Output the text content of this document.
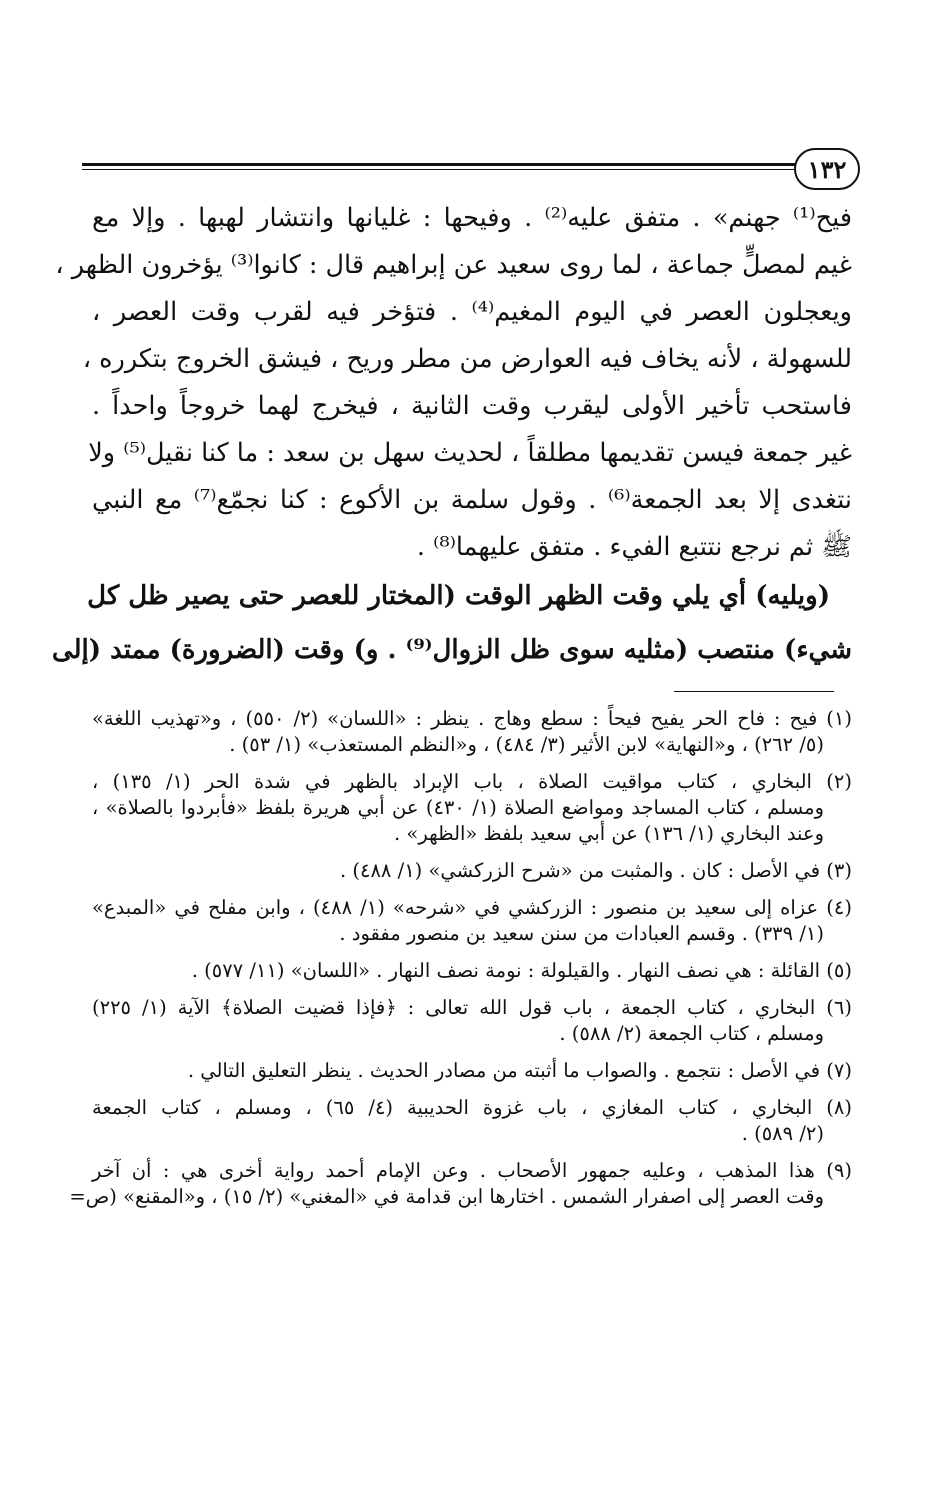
١٣٢
فيح⁽¹⁾ جهنم» . متفق عليه⁽²⁾ . وفيحها : غليانها وانتشار لهبها . وإلا مع
غيم لمصلٍّ جماعة ، لما روى سعيد عن إبراهيم قال : كانوا⁽³⁾ يؤخرون الظهر ،
ويعجلون العصر في اليوم المغيم⁽⁴⁾ . فتؤخر فيه لقرب وقت العصر ،
للسهولة ، لأنه يخاف فيه العوارض من مطر وريح ، فيشق الخروج بتكرره ،
فاستحب تأخير الأولى ليقرب وقت الثانية ، فيخرج لهما خروجاً واحداً .
غير جمعة فيسن تقديمها مطلقاً ، لحديث سهل بن سعد : ما كنا نقيل⁽⁵⁾ ولا
نتغدى إلا بعد الجمعة⁽⁶⁾ . وقول سلمة بن الأكوع : كنا نجمّع⁽⁷⁾ مع النبي
ﷺ ثم نرجع نتتبع الفيء . متفق عليهما⁽⁸⁾ .
(ويليه) أي يلي وقت الظهر الوقت (المختار للعصر حتى يصير ظل كل
شيء) منتصب (مثليه سوى ظل الزوال⁽⁹⁾ . و) وقت (الضرورة) ممتد (إلى
(١) فيح : فاح الحر يفيح فيحاً : سطع وهاج . ينظر : «اللسان» (٢/ ٥٥٠) ، و«تهذيب اللغة»
(٥/ ٢٦٢) ، و«النهاية» لابن الأثير (٣/ ٤٨٤) ، و«النظم المستعذب» (١/ ٥٣) .
(٢) البخاري ، كتاب مواقيت الصلاة ، باب الإبراد بالظهر في شدة الحر (١/ ١٣٥) ،
ومسلم ، كتاب المساجد ومواضع الصلاة (١/ ٤٣٠) عن أبي هريرة بلفظ «فأبردوا بالصلاة» ،
وعند البخاري (١/ ١٣٦) عن أبي سعيد بلفظ «الظهر» .
(٣) في الأصل : كان . والمثبت من «شرح الزركشي» (١/ ٤٨٨) .
(٤) عزاه إلى سعيد بن منصور : الزركشي في «شرحه» (١/ ٤٨٨) ، وابن مفلح في «المبدع»
(١/ ٣٣٩) . وقسم العبادات من سنن سعيد بن منصور مفقود .
(٥) القائلة : هي نصف النهار . والقيلولة : نومة نصف النهار . «اللسان» (١١/ ٥٧٧) .
(٦) البخاري ، كتاب الجمعة ، باب قول الله تعالى : ﴿فإذا قضيت الصلاة﴾ الآية (١/ ٢٢٥)
ومسلم ، كتاب الجمعة (٢/ ٥٨٨) .
(٧) في الأصل : نتجمع . والصواب ما أثبته من مصادر الحديث . ينظر التعليق التالي .
(٨) البخاري ، كتاب المغازي ، باب غزوة الحديبية (٤/ ٦٥) ، ومسلم ، كتاب الجمعة
(٢/ ٥٨٩) .
(٩) هذا المذهب ، وعليه جمهور الأصحاب . وعن الإمام أحمد رواية أخرى هي : أن آخر
وقت العصر إلى اصفرار الشمس . اختارها ابن قدامة في «المغني» (٢/ ١٥) ، و«المقنع» (ص=
